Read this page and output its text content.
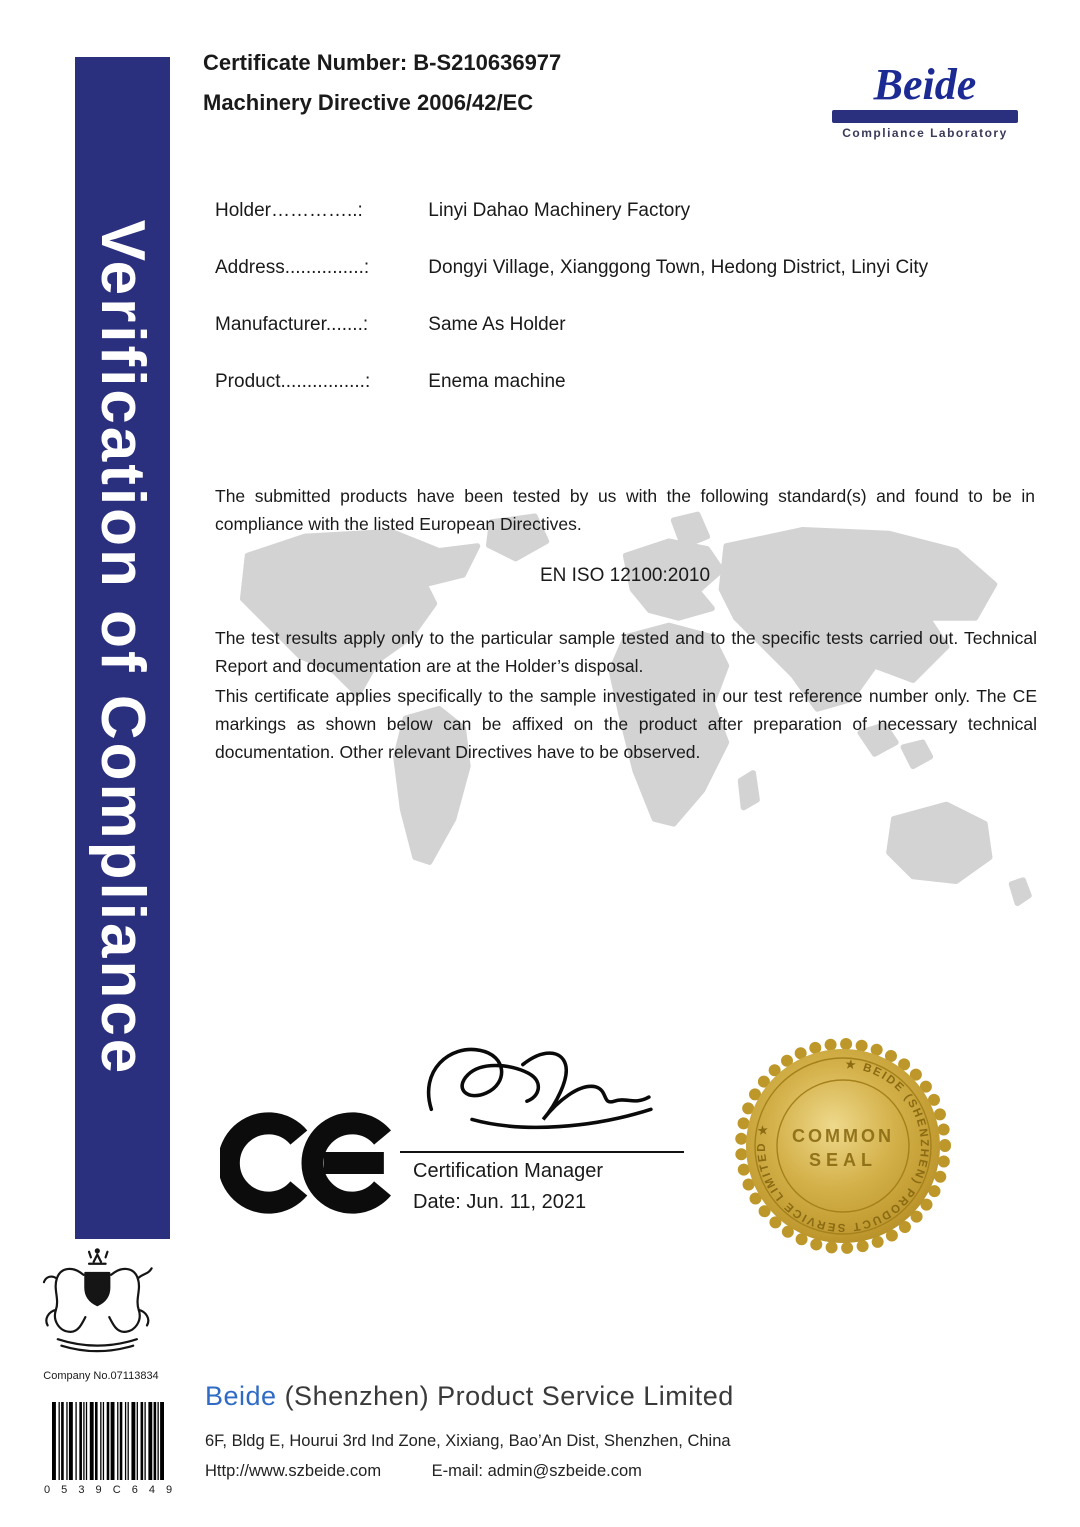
Verification of Compliance
Certificate Number: B-S210636977
Machinery Directive 2006/42/EC	Beide
Compliance Laboratory
Holder…………..:	Linyi Dahao Machinery Factory
Address...............:	Dongyi Village, Xianggong Town, Hedong District, Linyi City
Manufacturer.......:	Same As Holder
Product................:	Enema machine
The submitted products have been tested by us with the following standard(s) and found to be in compliance with the listed European Directives.
EN ISO 12100:2010

The test results apply only to the particular sample tested and to the specific tests carried out. Technical Report and documentation are at the Holder’s disposal.

This certificate applies specifically to the sample investigated in our test reference number only. The CE markings as shown below can be affixed on the product after preparation of necessary technical documentation. Other relevant Directives have to be observed.

Certification Manager
Date: Jun. 11, 2021
★ BEIDE (SHENZHEN) PRODUCT SERVICE LIMITED ★	COMMON
SEAL
Company No.07113834
0 5 3 9 C 6 4 9
Beide (Shenzhen) Product Service Limited
6F, Bldg E, Hourui 3rd Ind Zone, Xixiang, Bao’An Dist, Shenzhen, China
Http://www.szbeide.com	E-mail: admin@szbeide.com
